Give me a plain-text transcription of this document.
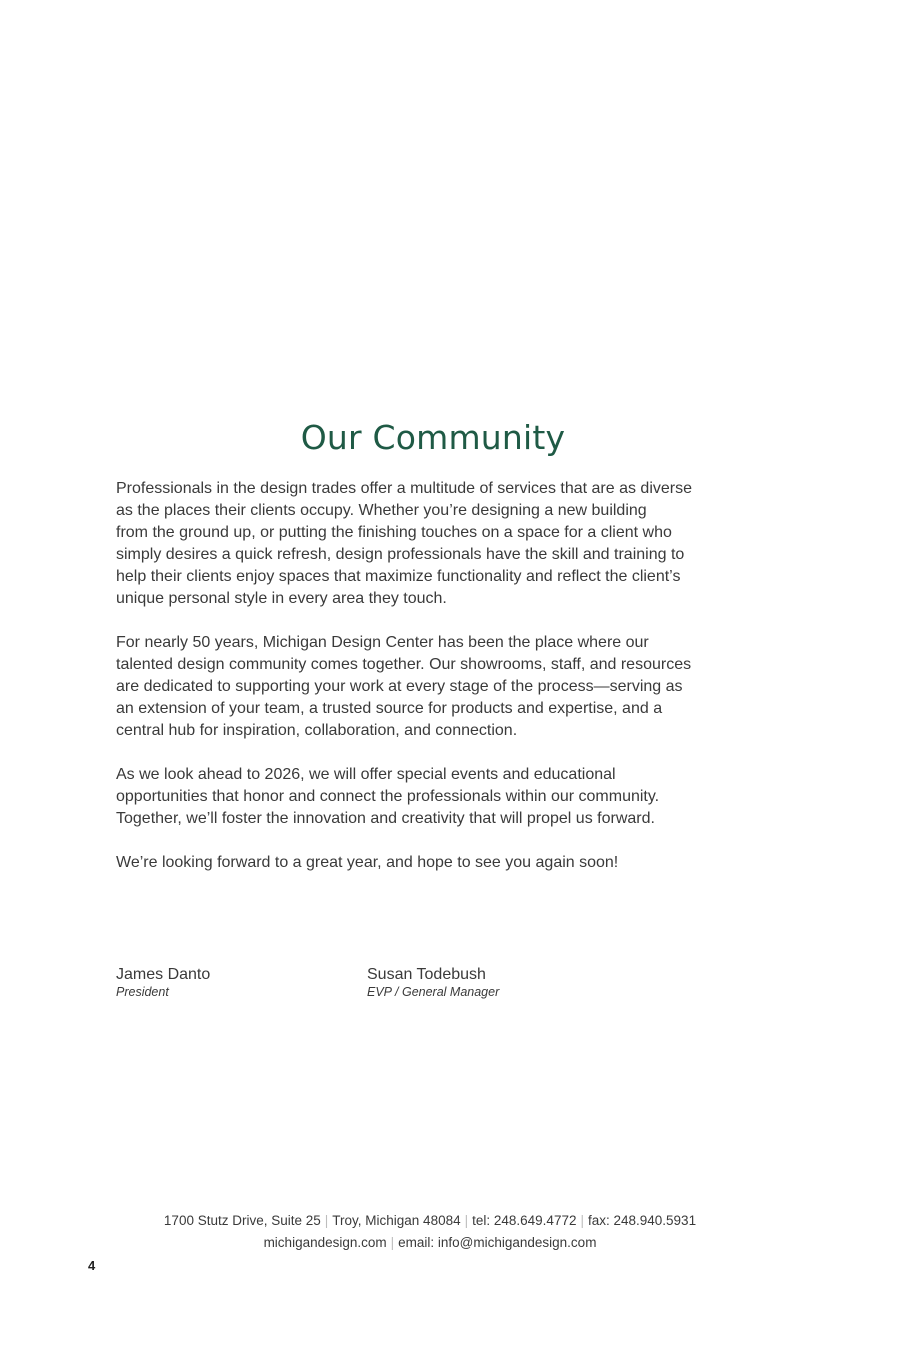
Our Community

Professionals in the design trades offer a multitude of services that are as diverse
as the places their clients occupy. Whether you’re designing a new building
from the ground up, or putting the finishing touches on a space for a client who
simply desires a quick refresh, design professionals have the skill and training to
help their clients enjoy spaces that maximize functionality and reflect the client’s
unique personal style in every area they touch.

For nearly 50 years, Michigan Design Center has been the place where our
talented design community comes together. Our showrooms, staff, and resources
are dedicated to supporting your work at every stage of the process—serving as
an extension of your team, a trusted source for products and expertise, and a
central hub for inspiration, collaboration, and connection.

As we look ahead to 2026, we will offer special events and educational
opportunities that honor and connect the professionals within our community.
Together, we’ll foster the innovation and creativity that will propel us forward.

We’re looking forward to a great year, and hope to see you again soon!

James Danto
President
Susan Todebush
EVP / General Manager
1700 Stutz Drive, Suite 25 | Troy, Michigan 48084 | tel: 248.649.4772 | fax: 248.940.5931
michigandesign.com | email: info@michigandesign.com
4
